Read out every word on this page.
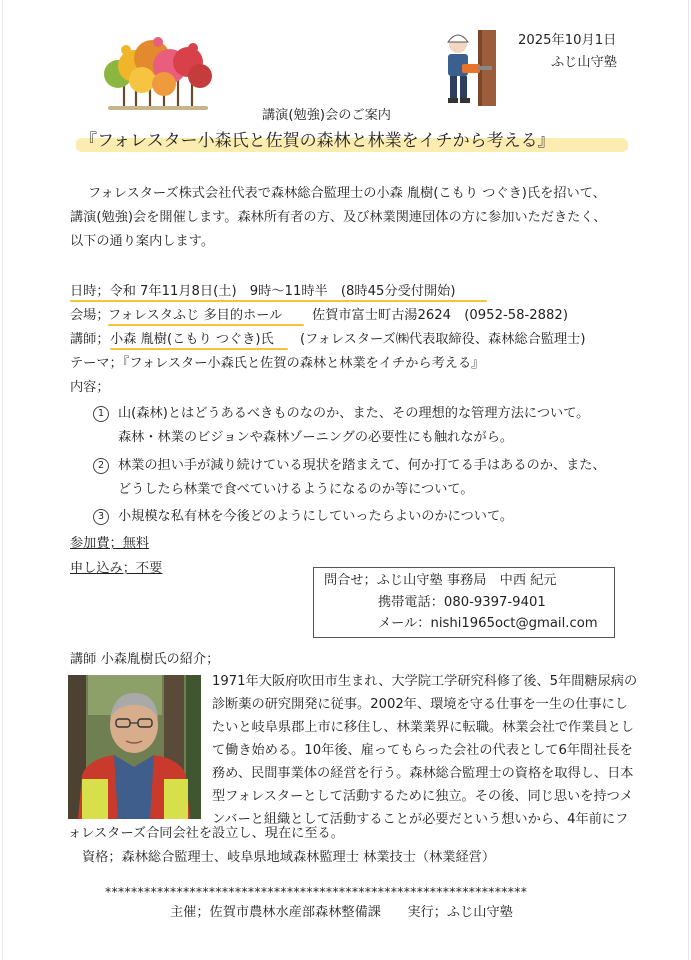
2025年10月1日
ふじ山守塾
講演(勉強)会のご案内
『フォレスター小森氏と佐賀の森林と林業をイチから考える』
フォレスターズ株式会社代表で森林総合監理士の小森 胤樹(こもり つぐき)氏を招いて、
講演(勉強)会を開催します。森林所有者の方、及び林業関連団体の方に参加いただきたく、
以下の通り案内します。
日時；令和 7年11月8日(土)　9時～11時半　(8時45分受付開始)
会場；
フォレスタふじ 多目的ホール 佐賀市富士町古湯2624　(0952-58-2882)
講師； 小森 胤樹(こもり つぐき)氏 (フォレスターズ㈱代表取締役、森林総合監理士)
テーマ；『フォレスター小森氏と佐賀の森林と林業をイチから考える』
内容；
1	山(森林)とはどうあるべきものなのか、また、その理想的な管理方法について。
森林・林業のビジョンや森林ゾーニングの必要性にも触れながら。
2	林業の担い手が減り続けている現状を踏まえて、何か打てる手はあるのか、また、
どうしたら林業で食べていけるようになるのか等について。
3	小規模な私有林を今後どのようにしていったらよいのかについて。
参加費；無料
申し込み；不要
問合せ；ふじ山守塾 事務局　中西 紀元
携帯電話：080-9397-9401
メール：nishi1965oct@gmail.com
講師 小森胤樹氏の紹介；
1971年大阪府吹田市生まれ、大学院工学研究科修了後、5年間糖尿病の
診断薬の研究開発に従事。2002年、環境を守る仕事を一生の仕事にし
たいと岐阜県郡上市に移住し、林業業界に転職。林業会社で作業員とし
て働き始める。10年後、雇ってもらった会社の代表として6年間社長を
務め、民間事業体の経営を行う。森林総合監理士の資格を取得し、日本
型フォレスターとして活動するために独立。その後、同じ思いを持つメ
ンバーと組織として活動することが必要だという想いから、4年前にフ
ォレスターズ合同会社を設立し、現在に至る。
資格；森林総合監理士、岐阜県地域森林監理士 林業技士（林業経営）
*****************************************************************
主催；佐賀市農林水産部森林整備課　　実行；ふじ山守塾
